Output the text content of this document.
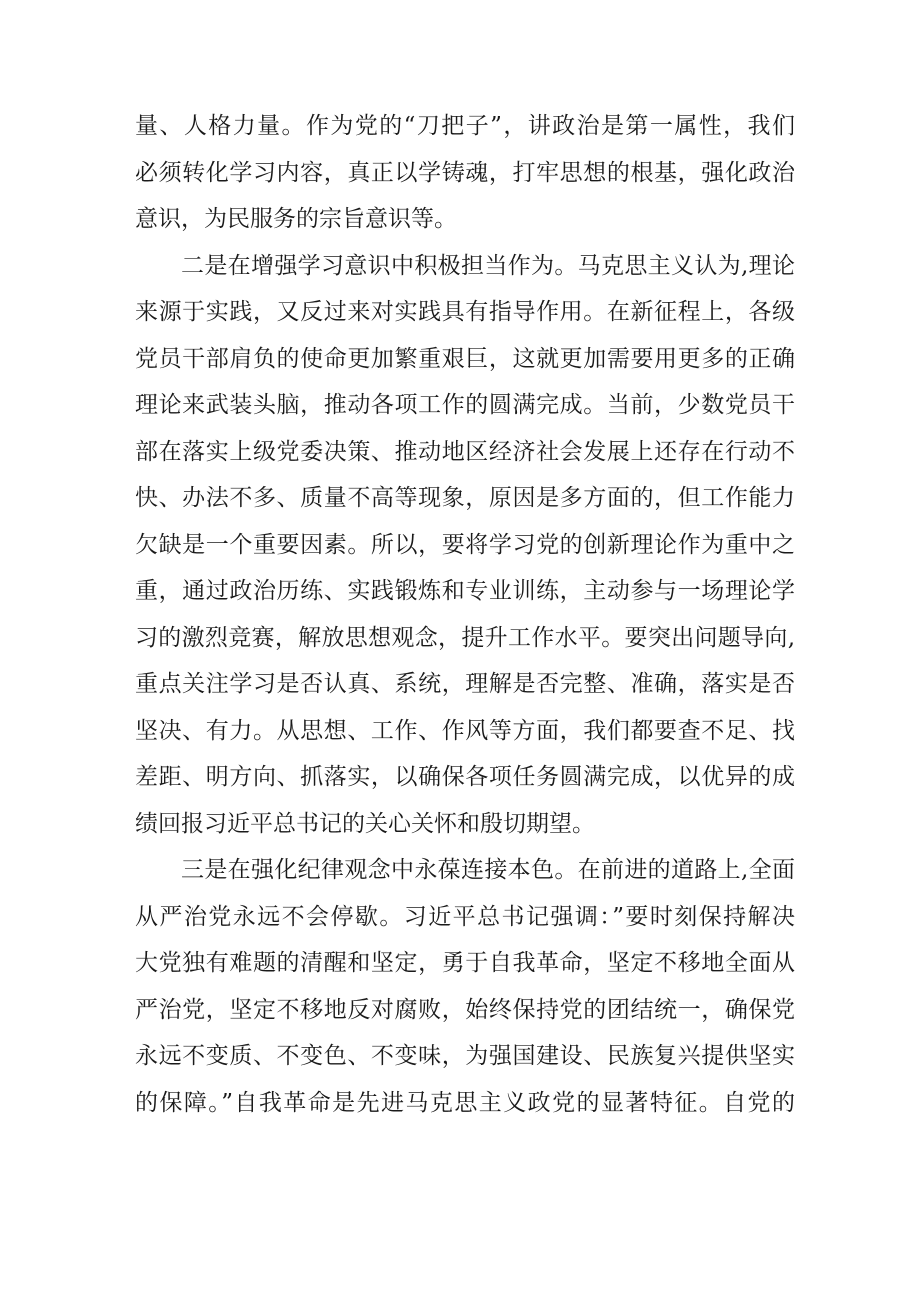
量、人格力量。作为党的“刀把子”，讲政治是第一属性，我们
必须转化学习内容，真正以学铸魂，打牢思想的根基，强化政治
意识，为民服务的宗旨意识等。
二是在增强学习意识中积极担当作为。马克思主义认为,理论
来源于实践，又反过来对实践具有指导作用。在新征程上，各级
党员干部肩负的使命更加繁重艰巨，这就更加需要用更多的正确
理论来武装头脑，推动各项工作的圆满完成。当前，少数党员干
部在落实上级党委决策、推动地区经济社会发展上还存在行动不
快、办法不多、质量不高等现象，原因是多方面的，但工作能力
欠缺是一个重要因素。所以，要将学习党的创新理论作为重中之
重，通过政治历练、实践锻炼和专业训练，主动参与一场理论学
习的激烈竞赛，解放思想观念，提升工作水平。要突出问题导向,
重点关注学习是否认真、系统，理解是否完整、准确，落实是否
坚决、有力。从思想、工作、作风等方面，我们都要查不足、找
差距、明方向、抓落实，以确保各项任务圆满完成，以优异的成
绩回报习近平总书记的关心关怀和殷切期望。
三是在强化纪律观念中永葆连接本色。在前进的道路上,全面
从严治党永远不会停歇。习近平总书记强调：”要时刻保持解决
大党独有难题的清醒和坚定，勇于自我革命，坚定不移地全面从
严治党，坚定不移地反对腐败，始终保持党的团结统一，确保党
永远不变质、不变色、不变味，为强国建设、民族复兴提供坚实
的保障。”自我革命是先进马克思主义政党的显著特征。自党的
